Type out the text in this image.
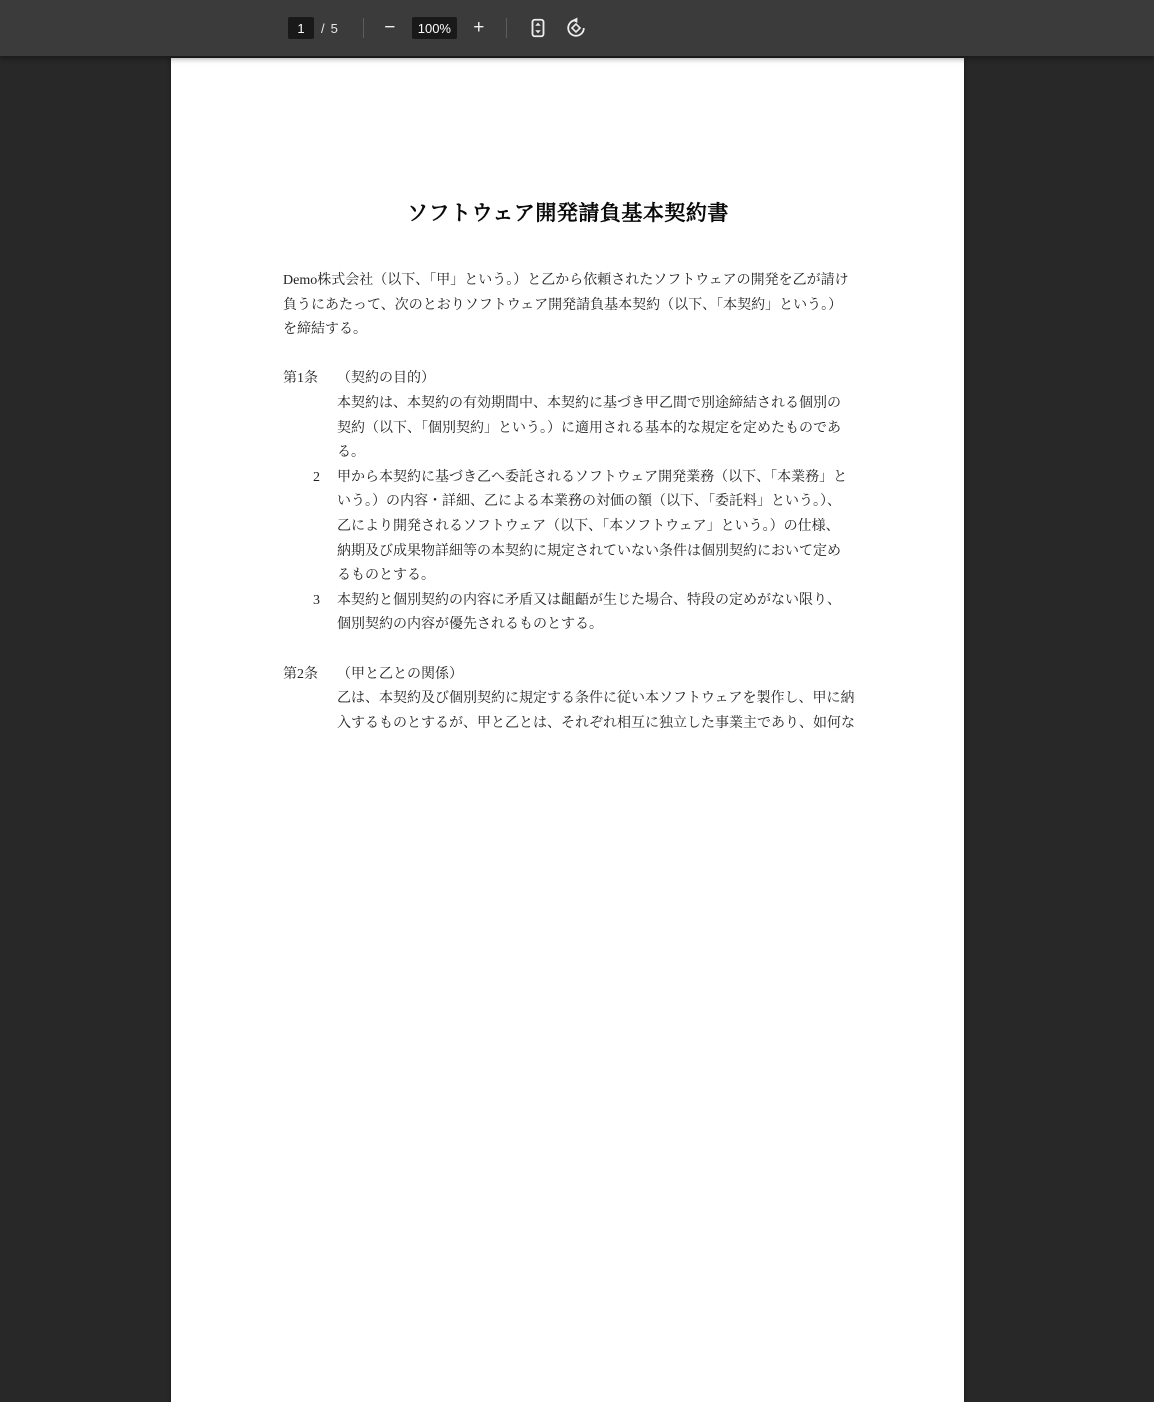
1
/ 5	−
100%	+
ソフトウェア開発請負基本契約書
Demo株式会社（以下、「甲」という。）と乙から依頼されたソフトウェアの開発を乙が請け
負うにあたって、次のとおりソフトウェア開発請負基本契約（以下、「本契約」という。）
を締結する。
第1条 （契約の目的）
本契約は、本契約の有効期間中、本契約に基づき甲乙間で別途締結される個別の
契約（以下、「個別契約」という。）に適用される基本的な規定を定めたものであ
る。
2 甲から本契約に基づき乙へ委託されるソフトウェア開発業務（以下、「本業務」と
いう。）の内容・詳細、乙による本業務の対価の額（以下、「委託料」という。）、
乙により開発されるソフトウェア（以下、「本ソフトウェア」という。）の仕様、
納期及び成果物詳細等の本契約に規定されていない条件は個別契約において定め
るものとする。
3 本契約と個別契約の内容に矛盾又は齟齬が生じた場合、特段の定めがない限り、
個別契約の内容が優先されるものとする。
第2条 （甲と乙との関係）
乙は、本契約及び個別契約に規定する条件に従い本ソフトウェアを製作し、甲に納
入するものとするが、甲と乙とは、それぞれ相互に独立した事業主であり、如何な
